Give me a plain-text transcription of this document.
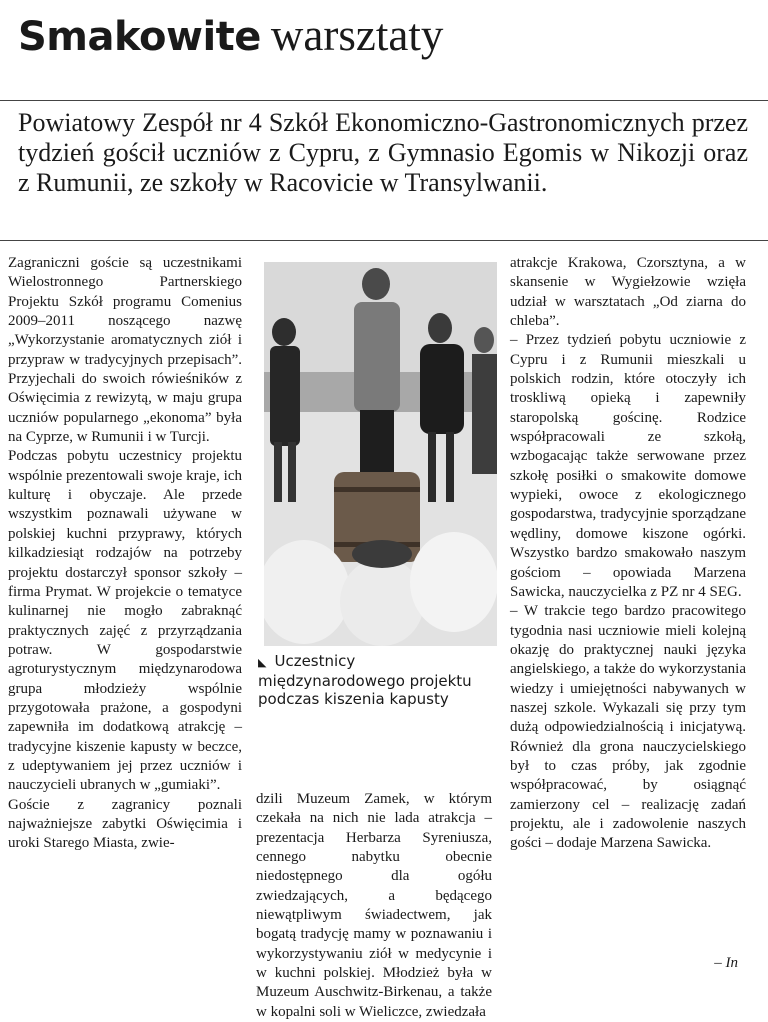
Smakowite warsztaty

Powiatowy Zespół nr 4 Szkół Ekonomiczno-Gastronomicznych przez tydzień gościł uczniów z Cypru, z Gymnasio Egomis w Nikozji oraz z Rumunii, ze szkoły w Racovicie w Transylwanii.

Zagraniczni goście są uczestnikami Wielostronnego Partnerskiego Projektu Szkół programu Comenius 2009–2011 noszącego nazwę „Wykorzystanie aromatycznych ziół i przypraw w tradycyjnych przepisach”. Przyjechali do swoich rówieśników z Oświęcimia z rewizytą, w maju grupa uczniów popularnego „ekonoma” była na Cyprze, w Rumunii i w Turcji.

Podczas pobytu uczestnicy projektu wspólnie prezentowali swoje kraje, ich kulturę i obyczaje. Ale przede wszystkim poznawali używane w polskiej kuchni przyprawy, których kilkadziesiąt rodzajów na potrzeby projektu dostarczył sponsor szkoły – firma Prymat. W projekcie o tematyce kulinarnej nie mogło zabraknąć praktycznych zajęć z przyrządzania potraw. W gospodarstwie agroturystycznym międzynarodowa grupa młodzieży wspólnie przygotowała prażone, a gospodyni zapewniła im dodatkową atrakcję – tradycyjne kiszenie kapusty w beczce, z udeptywaniem jej przez uczniów i nauczycieli ubranych w „gumiaki”.

Goście z zagranicy poznali najważniejsze zabytki Oświęcimia i uroki Starego Miasta, zwie-

◣ Uczestnicy międzynarodowego projektu podczas kiszenia kapusty

dzili Muzeum Zamek, w którym czekała na nich nie lada atrakcja – prezentacja Herbarza Syreniusza, cennego nabytku obecnie niedostępnego dla ogółu zwiedzających, a będącego niewątpliwym świadectwem, jak bogatą tradycję mamy w poznawaniu i wykorzystywaniu ziół w medycynie i w kuchni polskiej. Młodzież była w Muzeum Auschwitz-Birkenau, a także w kopalni soli w Wieliczce, zwiedzała

atrakcje Krakowa, Czorsztyna, a w skansenie w Wygiełzowie wzięła udział w warsztatach „Od ziarna do chleba”.

– Przez tydzień pobytu uczniowie z Cypru i z Rumunii mieszkali u polskich rodzin, które otoczyły ich troskliwą opieką i zapewniły staropolską gościnę. Rodzice współpracowali ze szkołą, wzbogacając także serwowane przez szkołę posiłki o smakowite domowe wypieki, owoce z ekologicznego gospodarstwa, tradycyjnie sporządzane wędliny, domowe kiszone ogórki. Wszystko bardzo smakowało naszym gościom – opowiada Marzena Sawicka, nauczycielka z PZ nr 4 SEG.

– W trakcie tego bardzo pracowitego tygodnia nasi uczniowie mieli kolejną okazję do praktycznej nauki języka angielskiego, a także do wykorzystania wiedzy i umiejętności nabywanych w naszej szkole. Wykazali się przy tym dużą odpowiedzialnością i inicjatywą. Również dla grona nauczycielskiego był to czas próby, jak zgodnie współpracować, by osiągnąć zamierzony cel – realizację zadań projektu, ale i zadowolenie naszych gości – dodaje Marzena Sawicka.

– In
